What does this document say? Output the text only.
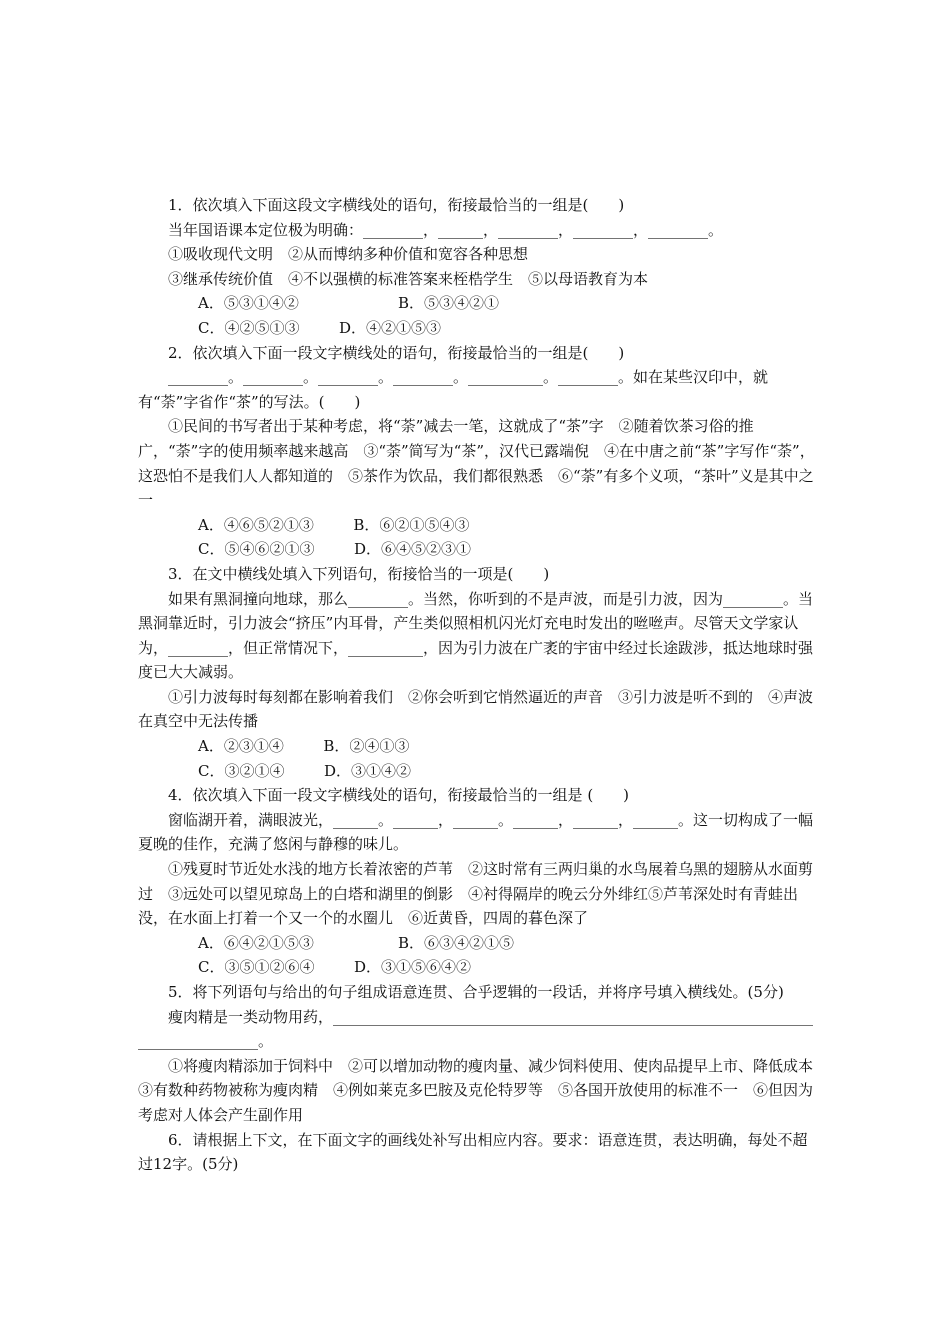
1．依次填入下面这段文字横线处的语句，衔接最恰当的一组是(　　)

当年国语课本定位极为明确：________，______，________，________，________。

①吸收现代文明　②从而博纳多种价值和宽容各种思想

③继承传统价值　④不以强横的标准答案来桎梏学生　⑤以母语教育为本

A．⑤③①④②	B．⑤③④②①

C．④②⑤①③	D．④②①⑤③

2．依次填入下面一段文字横线处的语句，衔接最恰当的一组是(　　)

________。________。________。________。__________。________。如在某些汉印中，就有“荼”字省作“茶”的写法。(　　)

①民间的书写者出于某种考虑，将“荼”减去一笔，这就成了“茶”字　②随着饮茶习俗的推广，“荼”字的使用频率越来越高　③“荼”简写为“茶”，汉代已露端倪　④在中唐之前“茶”字写作“荼”，这恐怕不是我们人人都知道的　⑤茶作为饮品，我们都很熟悉　⑥“荼”有多个义项，“茶叶”义是其中之一

A．④⑥⑤②①③	B．⑥②①⑤④③

C．⑤④⑥②①③	D．⑥④⑤②③①

3．在文中横线处填入下列语句，衔接恰当的一项是(　　)

如果有黑洞撞向地球，那么________。当然，你听到的不是声波，而是引力波，因为________。当黑洞靠近时，引力波会“挤压”内耳骨，产生类似照相机闪光灯充电时发出的咝咝声。尽管天文学家认为，________，但正常情况下，__________，因为引力波在广袤的宇宙中经过长途跋涉，抵达地球时强度已大大减弱。

①引力波每时每刻都在影响着我们　②你会听到它悄然逼近的声音　③引力波是听不到的　④声波在真空中无法传播

A．②③①④	B．②④①③

C．③②①④	D．③①④②

4．依次填入下面一段文字横线处的语句，衔接最恰当的一组是 (　　)

窗临湖开着，满眼波光，______。______，______。______，______，______。这一切构成了一幅夏晚的佳作，充满了悠闲与静穆的味儿。

①残夏时节近处水浅的地方长着浓密的芦苇　②这时常有三两归巢的水鸟展着乌黑的翅膀从水面剪过　③远处可以望见琼岛上的白塔和湖里的倒影　④衬得隔岸的晚云分外绯红⑤芦苇深处时有青蛙出没，在水面上打着一个又一个的水圈儿　⑥近黄昏，四周的暮色深了

A．⑥④②①⑤③	B．⑥③④②①⑤

C．③⑤①②⑥④	D．③①⑤⑥④②

5．将下列语句与给出的句子组成语意连贯、合乎逻辑的一段话，并将序号填入横线处。(5分)

瘦肉精是一类动物用药，________________________________________________________________________________。

①将瘦肉精添加于饲料中　②可以增加动物的瘦肉量、减少饲料使用、使肉品提早上市、降低成本　③有数种药物被称为瘦肉精　④例如莱克多巴胺及克伦特罗等　⑤各国开放使用的标准不一　⑥但因为考虑对人体会产生副作用

6．请根据上下文，在下面文字的画线处补写出相应内容。要求：语意连贯，表达明确，每处不超过12字。(5分)
